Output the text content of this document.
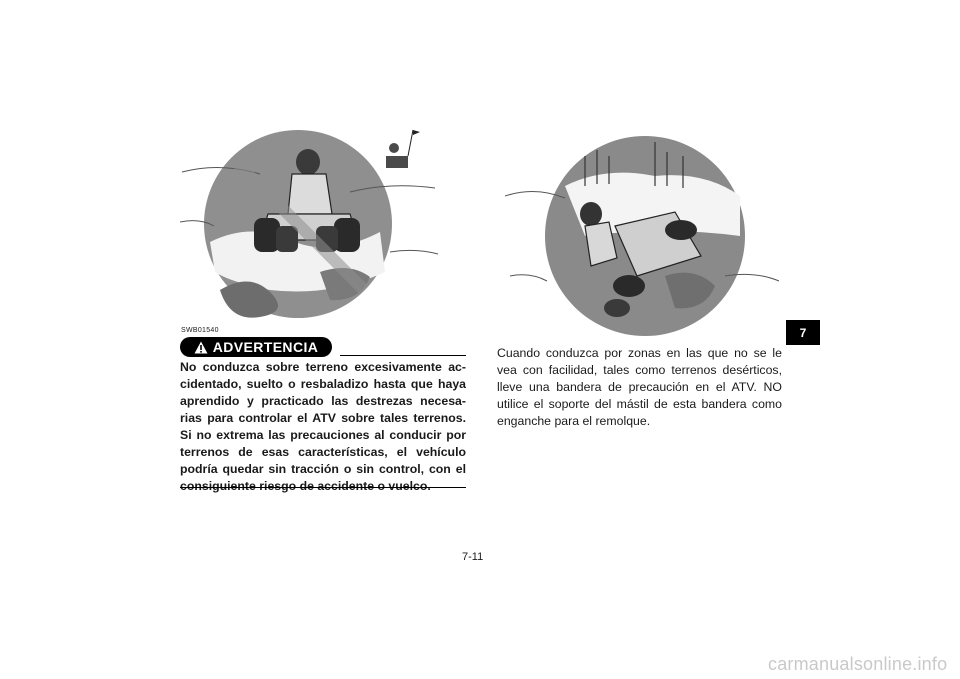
SWB01540
ADVERTENCIA
No conduzca sobre terreno excesivamente ac-
cidentado, suelto o resbaladizo hasta que haya
aprendido y practicado las destrezas necesa-
rias para controlar el ATV sobre tales terrenos.
Si no extrema las precauciones al conducir por
terrenos de esas características, el vehículo
podría quedar sin tracción o sin control, con el
consiguiente riesgo de accidente o vuelco.
Cuando conduzca por zonas en las que no se le
vea con facilidad, tales como terrenos desérticos,
lleve una bandera de precaución en el ATV. NO
utilice el soporte del mástil de esta bandera como
enganche para el remolque.
7
7-11
carmanualsonline.info
